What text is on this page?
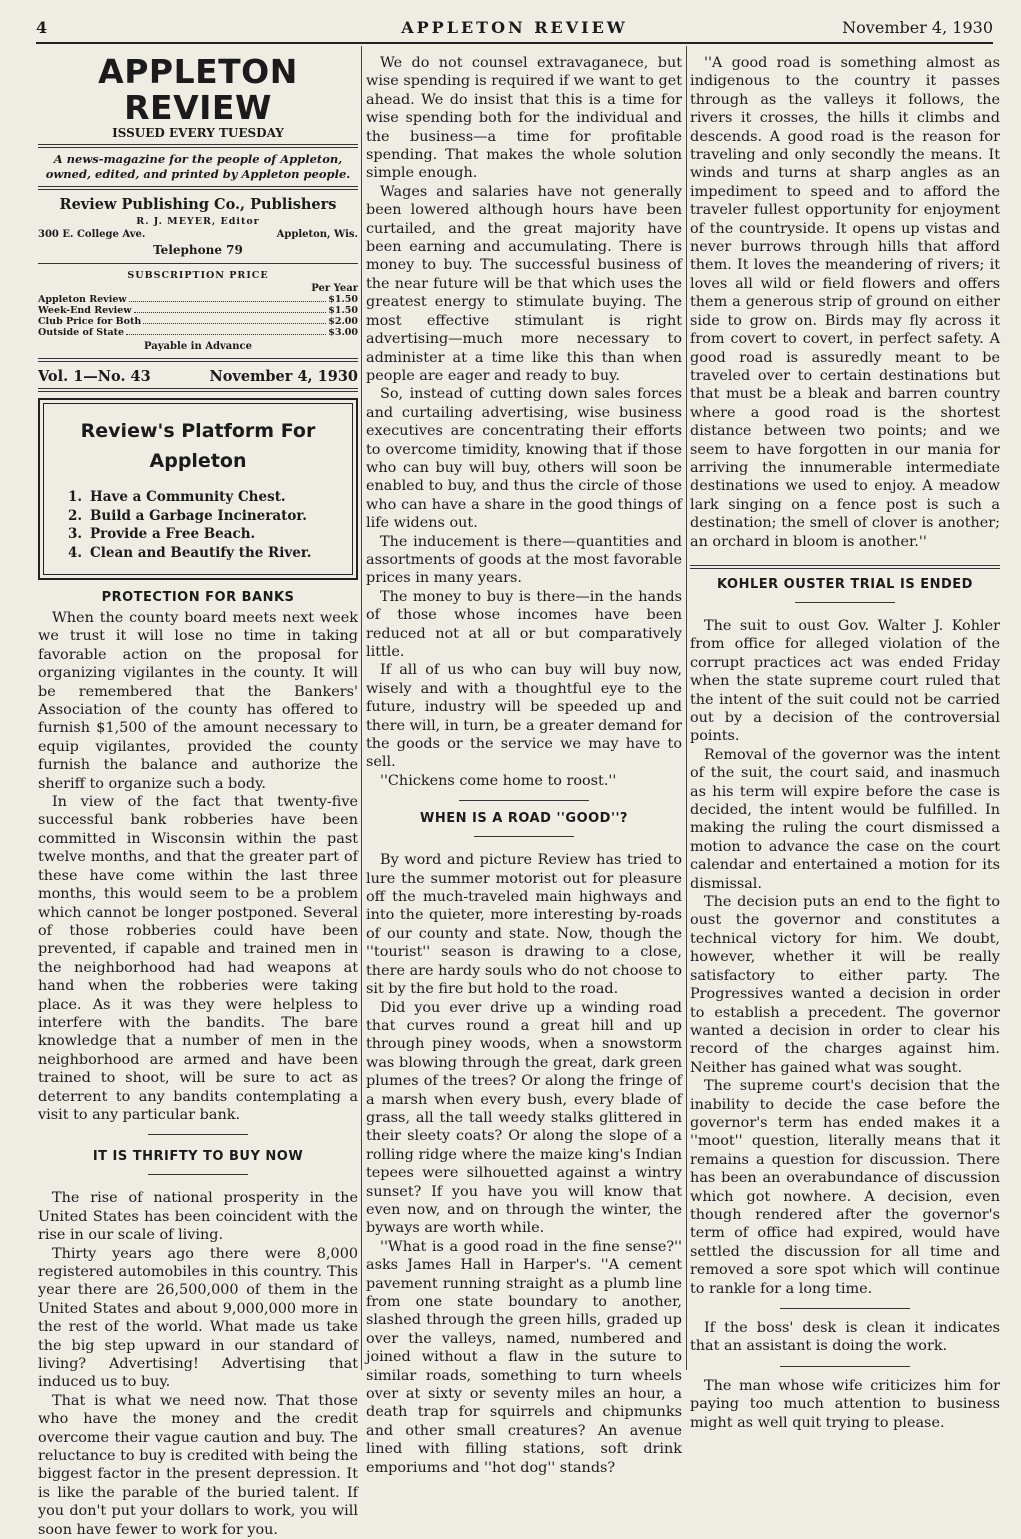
4	APPLETON REVIEW	November 4, 1930
APPLETON REVIEW
ISSUED EVERY TUESDAY
A news-magazine for the people of Appleton,
owned, edited, and printed by Appleton people.
Review Publishing Co., Publishers
R. J. MEYER, Editor
300 E. College Ave.	Appleton, Wis.
Telephone 79
SUBSCRIPTION PRICE
Per Year
Appleton Review	$1.50
Week-End Review	$1.50
Club Price for Both	$2.00
Outside of State	$3.00
Payable in Advance
Vol. 1—No. 43	November 4, 1930
Review's Platform For Appleton
1. Have a Community Chest.
2. Build a Garbage Incinerator.
3. Provide a Free Beach.
4. Clean and Beautify the River.
PROTECTION FOR BANKS

When the county board meets next week we trust it will lose no time in taking favorable action on the proposal for organizing vigilantes in the county. It will be remembered that the Bankers' Association of the county has offered to furnish $1,500 of the amount necessary to equip vigilantes, provided the county furnish the balance and authorize the sheriff to organize such a body.

In view of the fact that twenty-five successful bank robberies have been committed in Wisconsin within the past twelve months, and that the greater part of these have come within the last three months, this would seem to be a problem which cannot be longer postponed. Several of those robberies could have been prevented, if capable and trained men in the neighborhood had had weapons at hand when the robberies were taking place. As it was they were helpless to interfere with the bandits. The bare knowledge that a number of men in the neighborhood are armed and have been trained to shoot, will be sure to act as deterrent to any bandits contemplating a visit to any particular bank.

IT IS THRIFTY TO BUY NOW

The rise of national prosperity in the United States has been coincident with the rise in our scale of living.

Thirty years ago there were 8,000 registered automobiles in this country. This year there are 26,500,000 of them in the United States and about 9,000,000 more in the rest of the world. What made us take the big step upward in our standard of living? Advertising! Advertising that induced us to buy.

That is what we need now. That those who have the money and the credit overcome their vague caution and buy. The reluctance to buy is credited with being the biggest factor in the present depression. It is like the parable of the buried talent. If you don't put your dollars to work, you will soon have fewer to work for you.

We do not counsel extravaganece, but wise spending is required if we want to get ahead. We do insist that this is a time for wise spending both for the individual and the business—a time for profitable spending. That makes the whole solution simple enough.

Wages and salaries have not generally been lowered although hours have been curtailed, and the great majority have been earning and accumulating. There is money to buy. The successful business of the near future will be that which uses the greatest energy to stimulate buying. The most effective stimulant is right advertising—much more necessary to administer at a time like this than when people are eager and ready to buy.

So, instead of cutting down sales forces and curtailing advertising, wise business executives are concentrating their efforts to overcome timidity, knowing that if those who can buy will buy, others will soon be enabled to buy, and thus the circle of those who can have a share in the good things of life widens out.

The inducement is there—quantities and assortments of goods at the most favorable prices in many years.

The money to buy is there—in the hands of those whose incomes have been reduced not at all or but comparatively little.

If all of us who can buy will buy now, wisely and with a thoughtful eye to the future, industry will be speeded up and there will, in turn, be a greater demand for the goods or the service we may have to sell.

''Chickens come home to roost.''

WHEN IS A ROAD ''GOOD''?

By word and picture Review has tried to lure the summer motorist out for pleasure off the much-traveled main highways and into the quieter, more interesting by-roads of our county and state. Now, though the ''tourist'' season is drawing to a close, there are hardy souls who do not choose to sit by the fire but hold to the road.

Did you ever drive up a winding road that curves round a great hill and up through piney woods, when a snowstorm was blowing through the great, dark green plumes of the trees? Or along the fringe of a marsh when every bush, every blade of grass, all the tall weedy stalks glittered in their sleety coats? Or along the slope of a rolling ridge where the maize king's Indian tepees were silhouetted against a wintry sunset? If you have you will know that even now, and on through the winter, the byways are worth while.

''What is a good road in the fine sense?'' asks James Hall in Harper's. ''A cement pavement running straight as a plumb line from one state boundary to another, slashed through the green hills, graded up over the valleys, named, numbered and joined without a flaw in the suture to similar roads, something to turn wheels over at sixty or seventy miles an hour, a death trap for squirrels and chipmunks and other small creatures? An avenue lined with filling stations, soft drink emporiums and ''hot dog'' stands?

''A good road is something almost as indigenous to the country it passes through as the valleys it follows, the rivers it crosses, the hills it climbs and descends. A good road is the reason for traveling and only secondly the means. It winds and turns at sharp angles as an impediment to speed and to afford the traveler fullest opportunity for enjoyment of the countryside. It opens up vistas and never burrows through hills that afford them. It loves the meandering of rivers; it loves all wild or field flowers and offers them a generous strip of ground on either side to grow on. Birds may fly across it from covert to covert, in perfect safety. A good road is assuredly meant to be traveled over to certain destinations but that must be a bleak and barren country where a good road is the shortest distance between two points; and we seem to have forgotten in our mania for arriving the innumerable intermediate destinations we used to enjoy. A meadow lark singing on a fence post is such a destination; the smell of clover is another; an orchard in bloom is another.''

KOHLER OUSTER TRIAL IS ENDED

The suit to oust Gov. Walter J. Kohler from office for alleged violation of the corrupt practices act was ended Friday when the state supreme court ruled that the intent of the suit could not be carried out by a decision of the controversial points.

Removal of the governor was the intent of the suit, the court said, and inasmuch as his term will expire before the case is decided, the intent would be fulfilled. In making the ruling the court dismissed a motion to advance the case on the court calendar and entertained a motion for its dismissal.

The decision puts an end to the fight to oust the governor and constitutes a technical victory for him. We doubt, however, whether it will be really satisfactory to either party. The Progressives wanted a decision in order to establish a precedent. The governor wanted a decision in order to clear his record of the charges against him. Neither has gained what was sought.

The supreme court's decision that the inability to decide the case before the governor's term has ended makes it a ''moot'' question, literally means that it remains a question for discussion. There has been an overabundance of discussion which got nowhere. A decision, even though rendered after the governor's term of office had expired, would have settled the discussion for all time and removed a sore spot which will continue to rankle for a long time.

If the boss' desk is clean it indicates that an assistant is doing the work.

The man whose wife criticizes him for paying too much attention to business might as well quit trying to please.
